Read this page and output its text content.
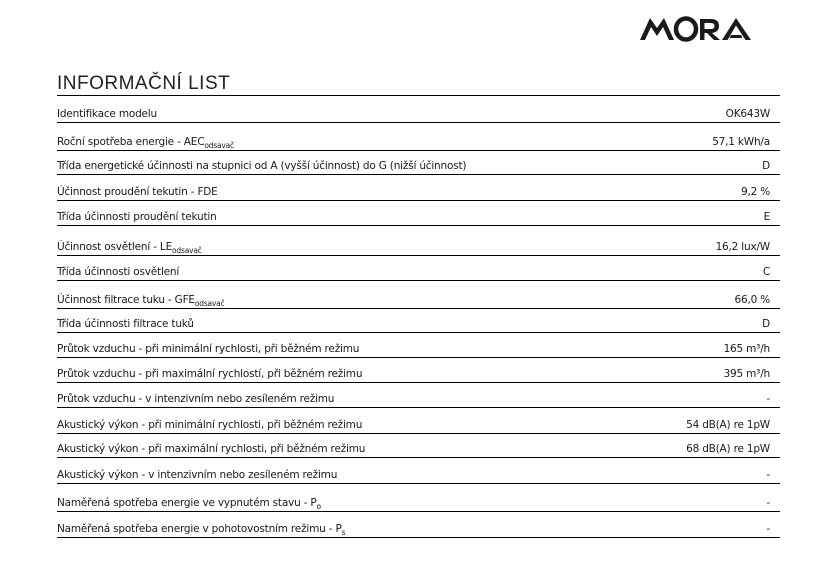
INFORMAČNÍ LIST
Identifikace modelu	OK643W
Roční spotřeba energie - $AEC_{odsavač}$	57,1 kWh/a
Třída energetické účinnosti na stupnici od A (vyšší účinnost) do G (nižší účinnost)	D
Účinnost proudění tekutin - FDE	9,2 %
Třída účinnosti proudění tekutin	E
Účinnost osvětlení - $LE_{odsavač}$	16,2 lux/W
Třída účinnosti osvětlení	C
Účinnost filtrace tuku - $GFE_{odsavač}$	66,0 %
Třída účinnosti filtrace tuků	D
Průtok vzduchu - při minimální rychlosti, při běžném režimu	165 m³/h
Průtok vzduchu - při maximální rychlostí, při běžném režimu	395 m³/h
Průtok vzduchu - v intenzivním nebo zesíleném režimu	-
Akustický výkon - při minimální rychlosti, při běžném režimu	54 dB(A) re 1pW
Akustický výkon - při maximální rychlosti, při běžném režimu	68 dB(A) re 1pW
Akustický výkon - v intenzivním nebo zesíleném režimu	-
Naměřená spotřeba energie ve vypnutém stavu - $P_o$	-
Naměřená spotřeba energie v pohotovostním režimu - $P_s$	-
